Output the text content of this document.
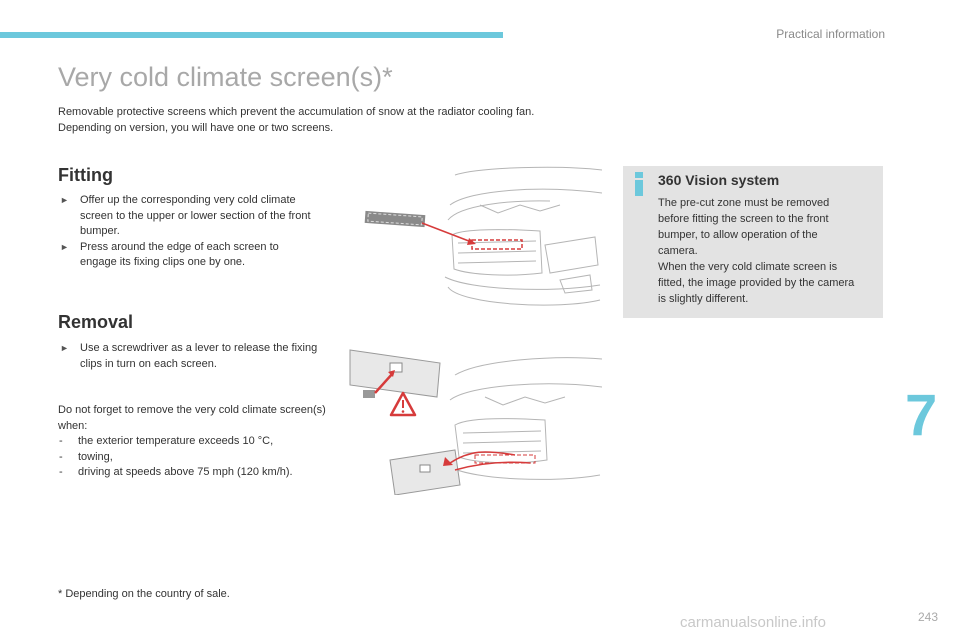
Practical information
Very cold climate screen(s)*

Removable protective screens which prevent the accumulation of snow at the radiator cooling fan.

Depending on version, you will have one or two screens.

Fitting
► Offer up the corresponding very cold climate screen to the upper or lower section of the front bumper.
► Press around the edge of each screen to engage its fixing clips one by one.
Removal
► Use a screwdriver as a lever to release the fixing clips in turn on each screen.

Do not forget to remove the very cold climate screen(s) when:

- the exterior temperature exceeds 10 °C,
- towing,
- driving at speeds above 75 mph (120 km/h).
360 Vision system

The pre-cut zone must be removed before fitting the screen to the front bumper, to allow operation of the camera.

When the very cold climate screen is fitted, the image provided by the camera is slightly different.

7
* Depending on the country of sale.
243
carmanualsonline.info
